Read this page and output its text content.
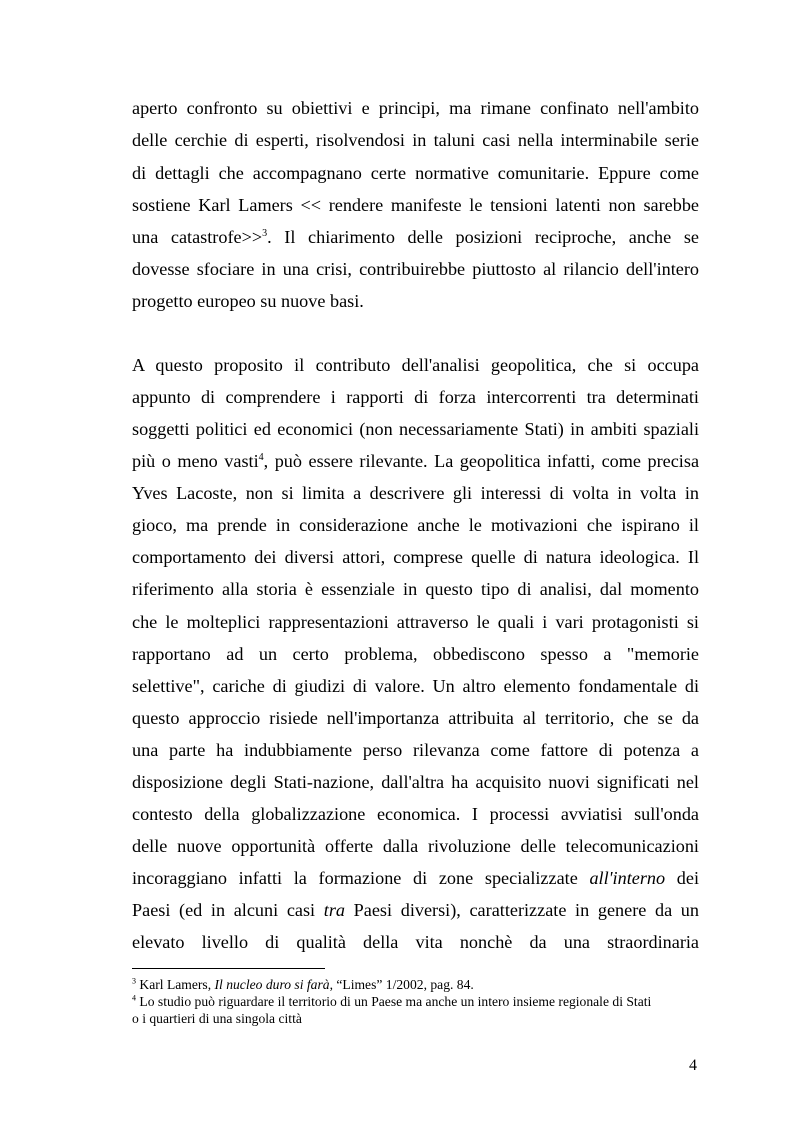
aperto confronto su obiettivi e principi, ma rimane confinato nell'ambito
delle cerchie di esperti, risolvendosi in taluni casi nella interminabile serie
di dettagli che accompagnano certe normative comunitarie. Eppure come
sostiene Karl Lamers << rendere manifeste le tensioni latenti non sarebbe
una catastrofe>>$^3$. Il chiarimento delle posizioni reciproche, anche se
dovesse sfociare in una crisi, contribuirebbe piuttosto al rilancio dell'intero
progetto europeo su nuove basi.
A questo proposito il contributo dell'analisi geopolitica, che si occupa
appunto di comprendere i rapporti di forza intercorrenti tra determinati
soggetti politici ed economici (non necessariamente Stati) in ambiti spaziali
più o meno vasti$^4$, può essere rilevante. La geopolitica infatti, come precisa
Yves Lacoste, non si limita a descrivere gli interessi di volta in volta in
gioco, ma prende in considerazione anche le motivazioni che ispirano il
comportamento dei diversi attori, comprese quelle di natura ideologica. Il
riferimento alla storia è essenziale in questo tipo di analisi, dal momento
che le molteplici rappresentazioni attraverso le quali i vari protagonisti si
rapportano ad un certo problema, obbediscono spesso a "memorie
selettive", cariche di giudizi di valore. Un altro elemento fondamentale di
questo approccio risiede nell'importanza attribuita al territorio, che se da
una parte ha indubbiamente perso rilevanza come fattore di potenza a
disposizione degli Stati-nazione, dall'altra ha acquisito nuovi significati nel
contesto della globalizzazione economica. I processi avviatisi sull'onda
delle nuove opportunità offerte dalla rivoluzione delle telecomunicazioni
incoraggiano infatti la formazione di zone specializzate all'interno dei
Paesi (ed in alcuni casi tra Paesi diversi), caratterizzate in genere da un
elevato livello di qualità della vita nonchè da una straordinaria
$^3$ Karl Lamers, Il nucleo duro si farà, “Limes” 1/2002, pag. 84.
$^4$ Lo studio può riguardare il territorio di un Paese ma anche un intero insieme regionale di Stati
o i quartieri di una singola città
4
